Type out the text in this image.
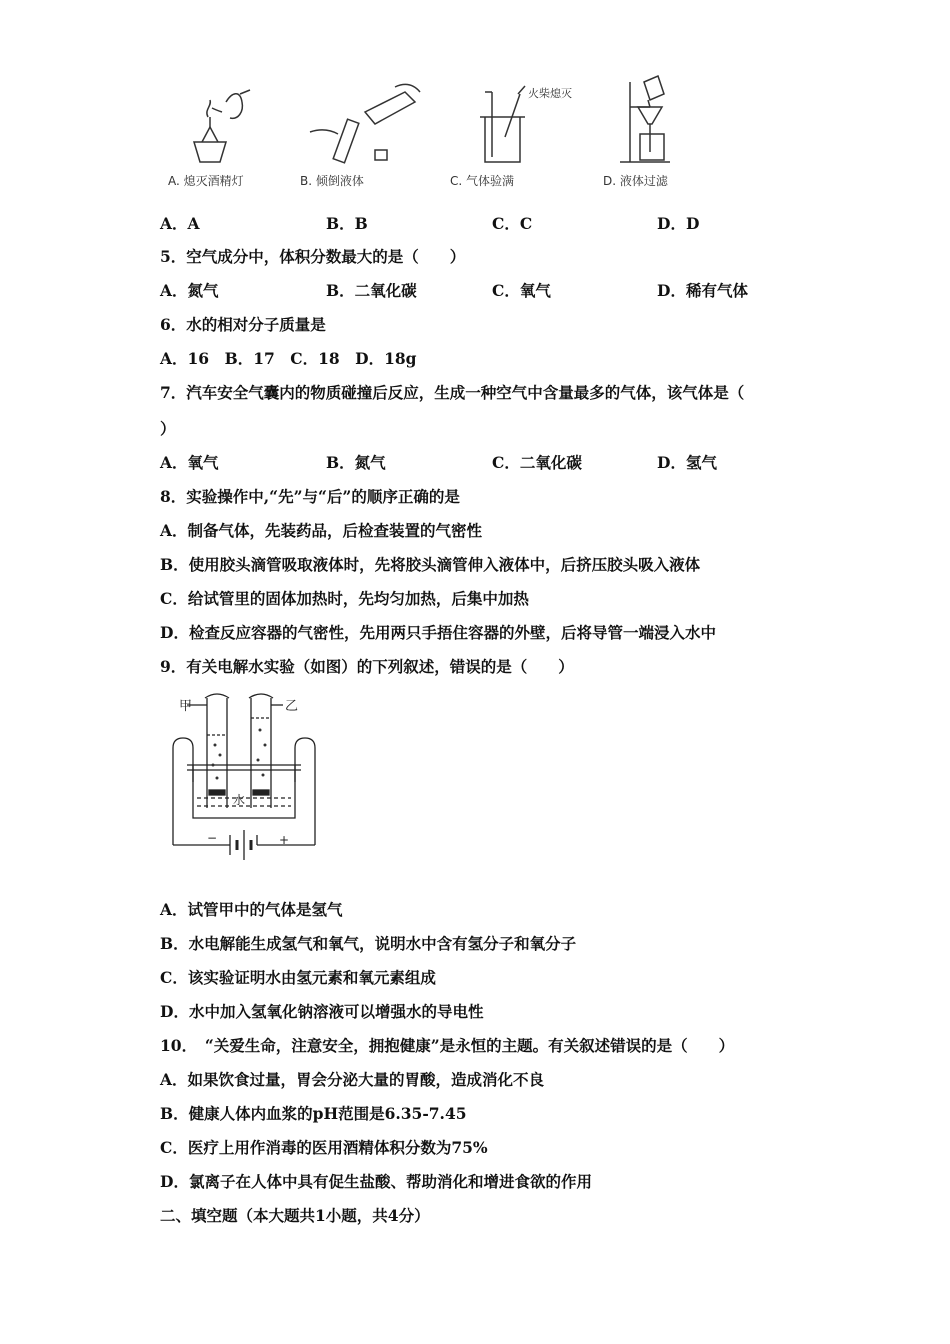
火柴熄灭
A. 熄灭酒精灯	B. 倾倒液体	C. 气体验满	D. 液体过滤
A．A	B．B	C．C	D．D
5．空气成分中，体积分数最大的是（　　）
A．氮气	B．二氧化碳	C．氧气	D．稀有气体
6．水的相对分子质量是
A．16　B．17　C．18　D．18g
7．汽车安全气囊内的物质碰撞后反应，生成一种空气中含量最多的气体，该气体是（
）
A．氧气	B．氮气	C．二氧化碳	D．氢气
8．实验操作中,“先”与“后”的顺序正确的是
A．制备气体，先装药品，后检查装置的气密性
B．使用胶头滴管吸取液体时，先将胶头滴管伸入液体中，后挤压胶头吸入液体
C．给试管里的固体加热时，先均匀加热，后集中加热
D．检查反应容器的气密性，先用两只手捂住容器的外壁，后将导管一端浸入水中
9．有关电解水实验（如图）的下列叙述，错误的是（　　）
甲	乙
水
−	+
A．试管甲中的气体是氢气
B．水电解能生成氢气和氧气，说明水中含有氢分子和氧分子
C．该实验证明水由氢元素和氧元素组成
D．水中加入氢氧化钠溶液可以增强水的导电性
10．　“关爱生命，注意安全，拥抱健康”是永恒的主题。有关叙述错误的是（　　）
A．如果饮食过量，胃会分泌大量的胃酸，造成消化不良
B．健康人体内血浆的pH范围是6.35-7.45
C．医疗上用作消毒的医用酒精体积分数为75%
D．氯离子在人体中具有促生盐酸、帮助消化和增进食欲的作用
二、填空题（本大题共1小题，共4分）
